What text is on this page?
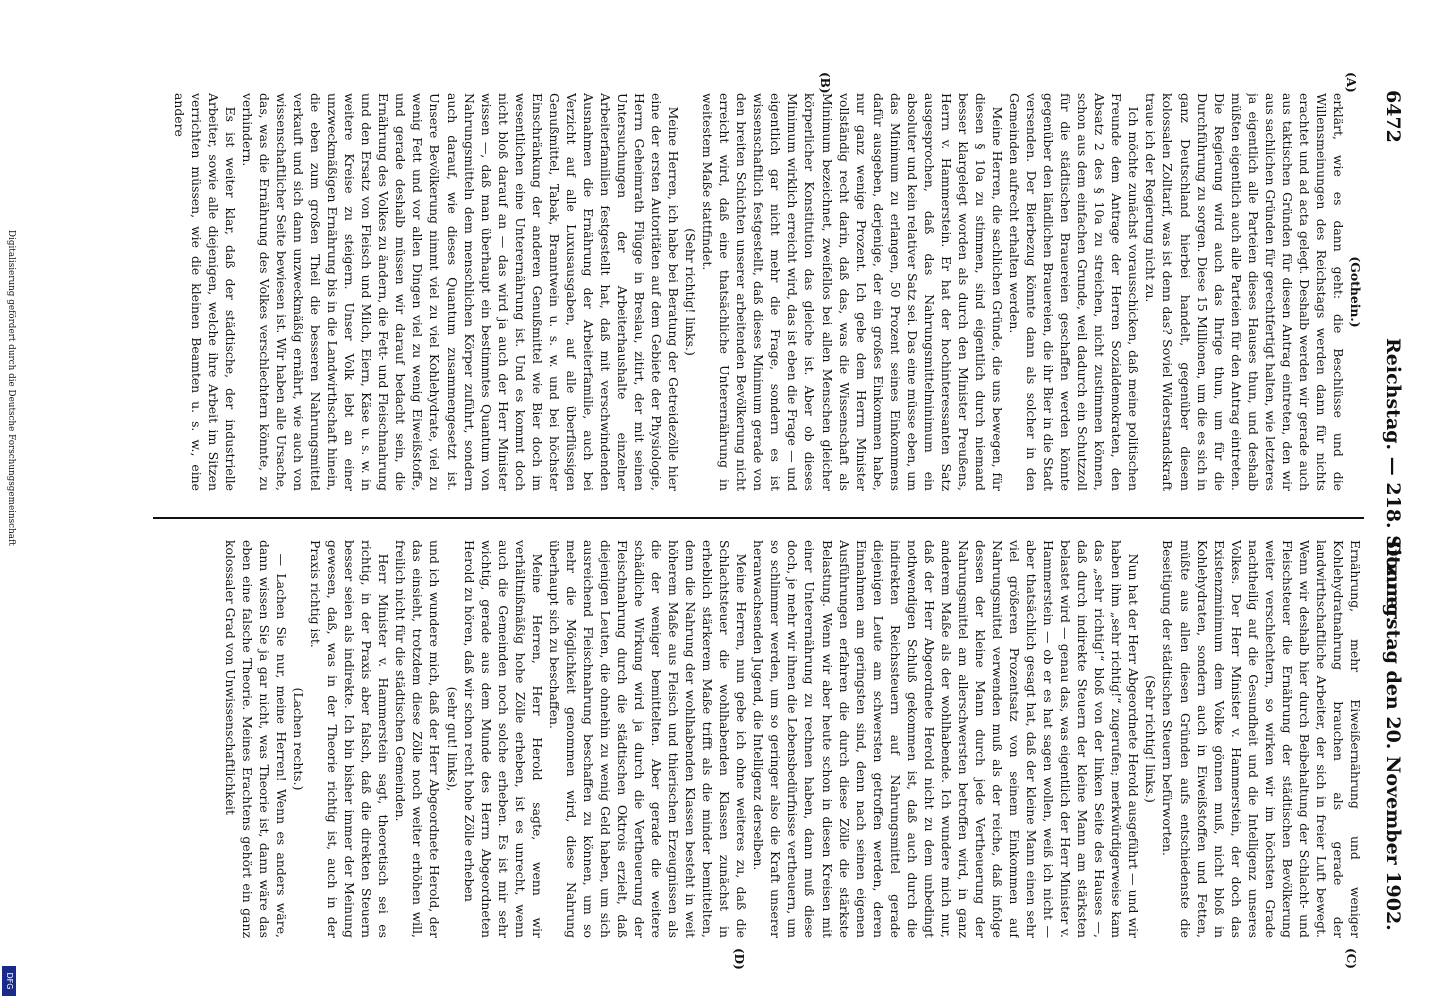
6472
Reichstag. — 218. Sitzung.
Donnerstag den 20. November 1902.
(A)
(B)
(C)
(D)

(Gothein.)

erklärt, wie es dann geht: die Beschlüsse und die Willensmeinungen des Reichstags werden dann für nichts erachtet und ad acta gelegt. Deshalb werden wir gerade auch aus taktischen Gründen für diesen Antrag eintreten, den wir aus sachlichen Gründen für gerechtfertigt halten, wie letzteres ja eigentlich alle Parteien dieses Hauses thun, und deshalb müßten eigentlich auch alle Parteien für den Antrag eintreten. Die Regierung wird auch das Ihrige thun, um für die Durchführung zu sorgen. Diese 15 Millionen, um die es sich in ganz Deutschland hierbei handelt, gegenüber diesem kolossalen Zolltarif, was ist denn das? Soviel Widerstandskraft traue ich der Regierung nicht zu.

Ich möchte zunächst vorausschicken, daß meine politischen Freunde dem Antrage der Herren Sozialdemokraten, den Absatz 2 des § 10a zu streichen, nicht zustimmen können, schon aus dem einfachen Grunde, weil dadurch ein Schutzzoll für die städtischen Brauereien geschaffen werden könnte gegenüber den ländlichen Brauereien, die ihr Bier in die Stadt versenden. Der Bierbezug könnte dann als solcher in den Gemeinden aufrecht erhalten werden.

Meine Herren, die sachlichen Gründe, die uns bewegen, für diesen § 10a zu stimmen, sind eigentlich durch niemand besser klargelegt worden als durch den Minister Preußens, Herrn v. Hammerstein. Er hat der hochinteressanten Satz ausgesprochen, daß das Nahrungsmittelminimum ein absoluter und kein relativer Satz sei. Das eine müsse eben, um das Minimum zu erlangen, 50 Prozent seines Einkommens dafür ausgeben, derjenige, der ein großes Einkommen habe, nur ganz wenige Prozent. Ich gebe dem Herrn Minister vollständig recht darin, daß das, was die Wissenschaft als Minimum bezeichnet, zweifellos bei allen Menschen gleicher körperlicher Konstitution das gleiche ist. Aber ob dieses Minimum wirklich erreicht wird, das ist eben die Frage — und eigentlich gar nicht mehr die Frage, sondern es ist wissenschaftlich festgestellt, daß dieses Minimum gerade von den breiten Schichten unserer arbeitenden Bevölkerung nicht erreicht wird, daß eine thatsächliche Unterernährung in weitestem Maße stattfindet.

(Sehr richtig! links.)

Meine Herren, ich habe bei Beratung der Getreidezölle hier eine der ersten Autoritäten auf dem Gebiete der Physiologie, Herrn Geheimrath Flügge in Breslau, zitirt, der mit seinen Untersuchungen der Arbeiterhaushalte einzelner Arbeiterfamilien festgestellt hat, daß mit verschwindenden Ausnahmen die Ernährung der Arbeiterfamilie, auch bei Verzicht auf alle Luxusausgaben, auf alle überflüssigen Genußmittel, Tabak, Branntwein u. s. w. und bei höchster Einschränkung der anderen Genußmittel wie Bier doch im wesentlichen eine Unterernährung ist. Und es kommt doch nicht bloß darauf an — das wird ja auch der Herr Minister wissen —, daß man überhaupt ein bestimmtes Quantum von Nahrungsmitteln dem menschlichen Körper zuführt, sondern auch darauf, wie dieses Quantum zusammengesetzt ist. Unsere Bevölkerung nimmt viel zu viel Kohlehydrate, viel zu wenig Fett und vor allen Dingen viel zu wenig Eiweißstoffe, und gerade deshalb müssen wir darauf bedacht sein, die Ernährung des Volkes zu ändern, die Fett- und Fleischnahrung und den Ersatz von Fleisch und Milch, Eiern, Käse u. s. w. in weitere Kreise zu steigern. Unser Volk lebt an einer unzweckmäßigen Ernährung bis in die Landwirthschaft hinein, die eben zum großen Theil die besseren Nahrungsmittel verkauft und sich dann unzweckmäßig ernährt, wie auch von wissenschaftlicher Seite bewiesen ist. Wir haben alle Ursache, das, was die Ernährung des Volkes verschlechtern könnte, zu verhindern.

Es ist weiter klar, daß der städtische, der industrielle Arbeiter, sowie alle diejenigen, welche ihre Arbeit im Sitzen verrichten müssen, wie die kleinen Beamten u. s. w., eine andere

Ernährung, mehr Eiweißernährung und weniger Kohlehydratnahrung brauchen als gerade der landwirthschaftliche Arbeiter, der sich in freier Luft bewegt. Wenn wir deshalb hier durch Beibehaltung der Schlacht- und Fleischsteuer die Ernährung der städtischen Bevölkerung weiter verschlechtern, so wirken wir im höchsten Grade nachtheilig auf die Gesundheit und die Intelligenz unseres Volkes. Der Herr Minister v. Hammerstein, der doch das Existenzminimum dem Volke gönnen muß, nicht bloß in Kohlehydraten, sondern auch in Eiweißstoffen und Fetten, müßte aus allen diesen Gründen aufs entschiedenste die Beseitigung der städtischen Steuern befürworten.

(Sehr richtig! links.)

Nun hat der Herr Abgeordnete Herold ausgeführt — und wir haben ihm „sehr richtig!“ zugerufen; merkwürdigerweise kam das „sehr richtig!“ bloß von der linken Seite des Hauses —, daß durch indirekte Steuern der kleine Mann am stärksten belastet wird — genau das, was eigentlich der Herr Minister v. Hammerstein — ob er es hat sagen wollen, weiß ich nicht — aber thatsächlich gesagt hat, daß der kleine Mann einen sehr viel größeren Prozentsatz von seinem Einkommen auf Nahrungsmittel verwenden muß als der reiche, daß infolge dessen der kleine Mann durch jede Vertheuerung der Nahrungsmittel am allerschwersten betroffen wird, in ganz anderem Maße als der wohlhabende. Ich wundere mich nur, daß der Herr Abgeordnete Herold nicht zu dem unbedingt nothwendigen Schluß gekommen ist, daß auch durch die indirekten Reichssteuern auf Nahrungsmittel gerade diejenigen Leute am schwersten getroffen werden, deren Einnahmen am geringsten sind, denn nach seinen eigenen Ausführungen erfahren die durch diese Zölle die stärkste Belastung. Wenn wir aber heute schon in diesen Kreisen mit einer Unterernährung zu rechnen haben, dann muß diese doch, je mehr wir ihnen die Lebensbedürfnisse vertheuern, um so schlimmer werden, um so geringer also die Kraft unserer heranwachsenden Jugend, die Intelligenz derselben.

Meine Herren, nun gebe ich ohne weiteres zu, daß die Schlachtsteuer die wohlhabenden Klassen zunächst in erheblich stärkerem Maße trifft als die minder bemittelten, denn die Nahrung der wohlhabenden Klassen besteht in weit höherem Maße aus Fleisch und thierischen Erzeugnissen als die der weniger bemittelten. Aber gerade die weitere schädliche Wirkung wird ja durch die Vertheuerung der Fleischnahrung durch die städtischen Oktrois erzielt, daß diejenigen Leuten, die ohnehin zu wenig Geld haben, um sich ausreichend Fleischnahrung beschaffen zu können, um so mehr die Möglichkeit genommen wird, diese Nahrung überhaupt sich zu beschaffen.

Meine Herren, Herr Herold sagte, wenn wir verhältnißmäßig hohe Zölle erheben, ist es unrecht, wenn auch die Gemeinden noch solche erheben. Es ist mir sehr wichtig, gerade aus dem Munde des Herrn Abgeordneten Herold zu hören, daß wir schon recht hohe Zölle erheben

(sehr gut! links),

und ich wundere mich, daß der Herr Abgeordnete Herold, der das einsieht, trotzdem diese Zölle noch weiter erhöhen will, freilich nicht für die städtischen Gemeinden.

Herr Minister v. Hammerstein sagt, theoretisch sei es richtig, in der Praxis aber falsch, daß die direkten Steuern besser seien als indirekte. Ich bin bisher immer der Meinung gewesen, daß, was in der Theorie richtig ist, auch in der Praxis richtig ist.

(Lachen rechts.)

— Lachen Sie nur, meine Herren! Wenn es anders wäre, dann wissen Sie ja gar nicht, was Theorie ist, dann wäre das eben eine falsche Theorie. Meines Erachtens gehört ein ganz kolossaler Grad von Unwissenschaftlichkeit

Digitalisierung gefördert durch die Deutsche Forschungsgemeinschaft
DFG
